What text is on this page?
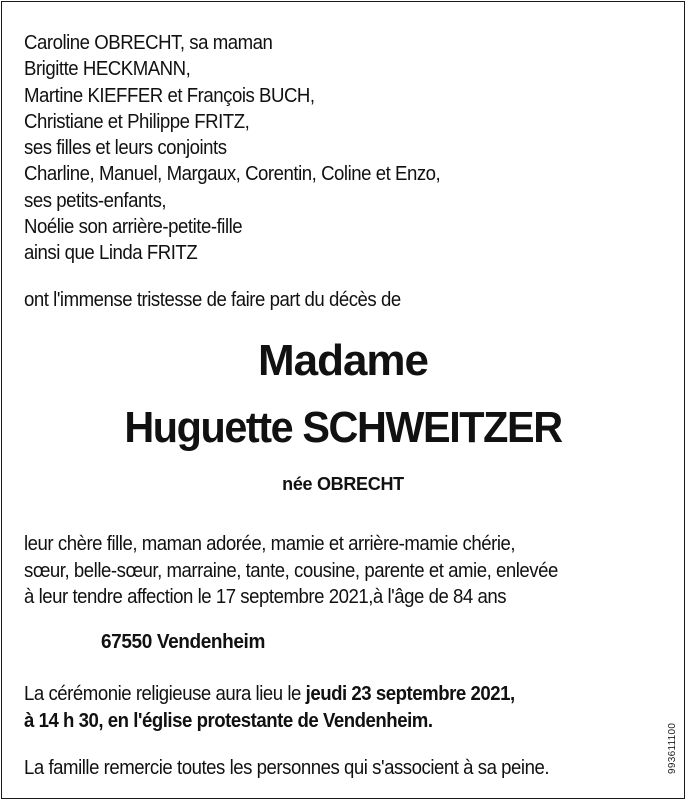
Caroline OBRECHT, sa maman
Brigitte HECKMANN,
Martine KIEFFER et François BUCH,
Christiane et Philippe FRITZ,
ses filles et leurs conjoints
Charline, Manuel, Margaux, Corentin, Coline et Enzo,
ses petits-enfants,
Noélie son arrière-petite-fille
ainsi que Linda FRITZ
ont l'immense tristesse de faire part du décès de
Madame
Huguette SCHWEITZER
née OBRECHT
leur chère fille, maman adorée, mamie et arrière-mamie chérie,
sœur, belle-sœur, marraine, tante, cousine, parente et amie, enlevée
à leur tendre affection le 17 septembre 2021,à l'âge de 84 ans
67550 Vendenheim
La cérémonie religieuse aura lieu le jeudi 23 septembre 2021,
à 14 h 30, en l'église protestante de Vendenheim.
La famille remercie toutes les personnes qui s'associent à sa peine.	993611100
